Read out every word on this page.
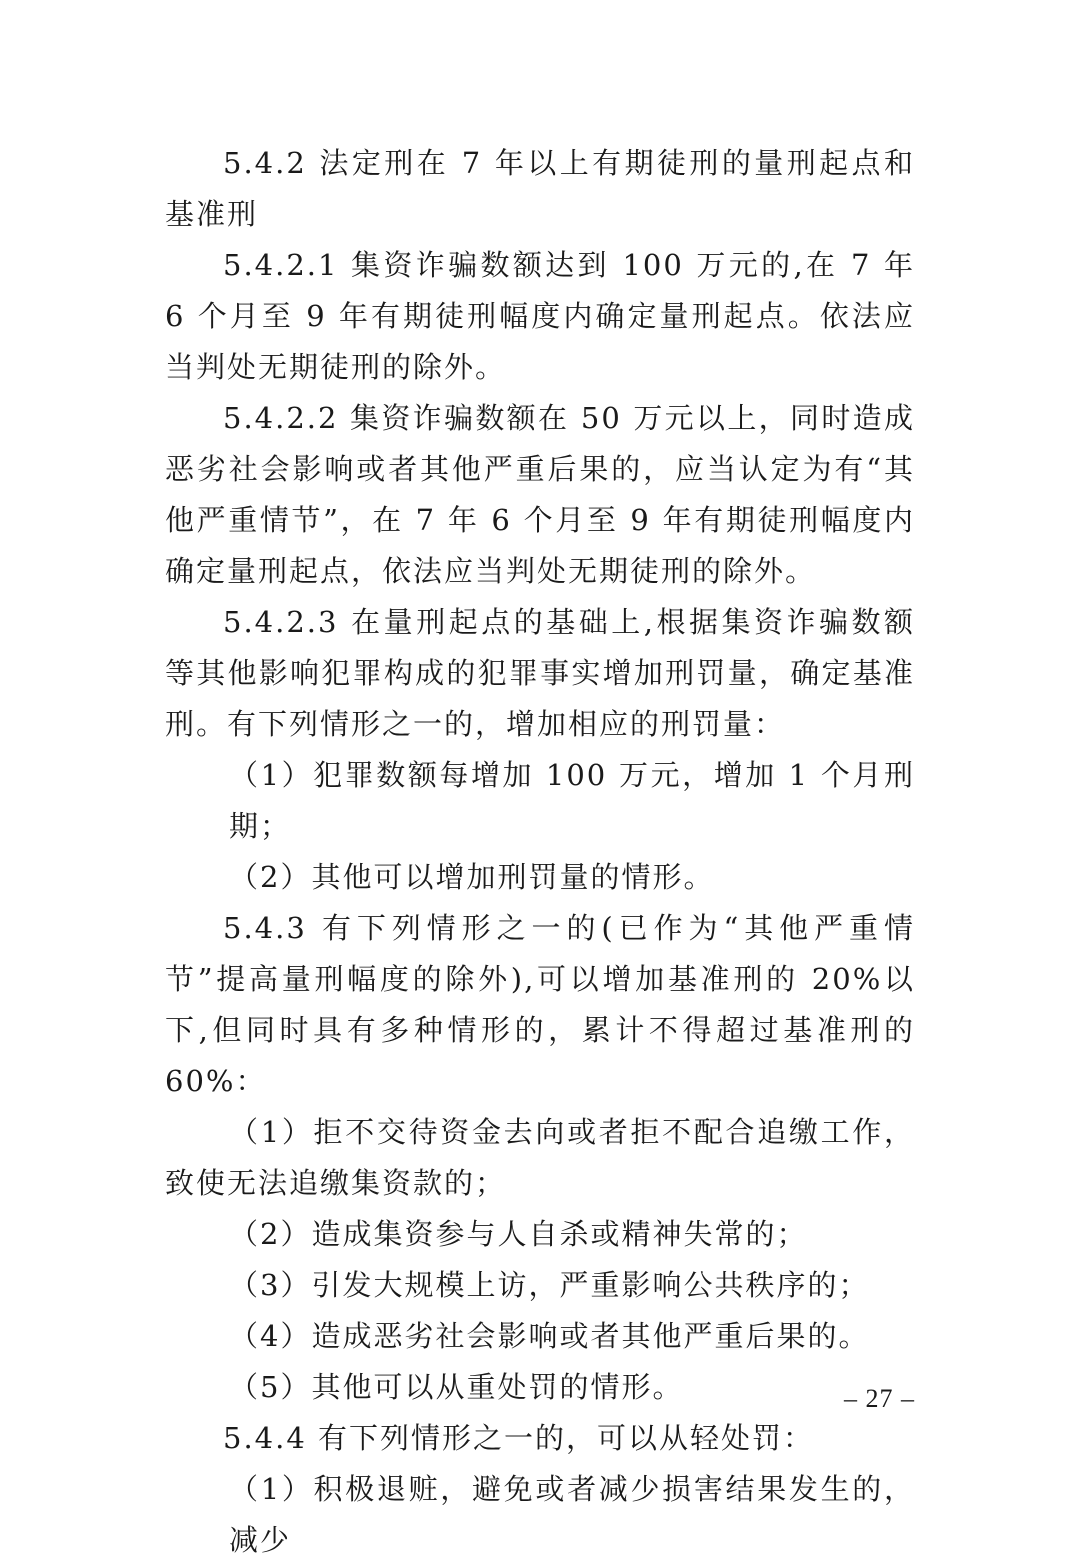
5.4.2 法定刑在 7 年以上有期徒刑的量刑起点和基准刑

5.4.2.1 集资诈骗数额达到 100 万元的,在 7 年 6 个月至 9 年有期徒刑幅度内确定量刑起点。依法应当判处无期徒刑的除外。

5.4.2.2 集资诈骗数额在 50 万元以上，同时造成恶劣社会影响或者其他严重后果的，应当认定为有“其他严重情节”，在 7 年 6 个月至 9 年有期徒刑幅度内确定量刑起点，依法应当判处无期徒刑的除外。

5.4.2.3 在量刑起点的基础上,根据集资诈骗数额等其他影响犯罪构成的犯罪事实增加刑罚量，确定基准刑。有下列情形之一的，增加相应的刑罚量：

（1）犯罪数额每增加 100 万元，增加 1 个月刑期；

（2）其他可以增加刑罚量的情形。

5.4.3 有下列情形之一的(已作为“其他严重情节”提高量刑幅度的除外),可以增加基准刑的 20%以下,但同时具有多种情形的，累计不得超过基准刑的 60%：

（1）拒不交待资金去向或者拒不配合追缴工作，致使无法追缴集资款的；

（2）造成集资参与人自杀或精神失常的；

（3）引发大规模上访，严重影响公共秩序的；

（4）造成恶劣社会影响或者其他严重后果的。

（5）其他可以从重处罚的情形。

5.4.4 有下列情形之一的，可以从轻处罚：

（1）积极退赃，避免或者减少损害结果发生的，减少

– 27 –
